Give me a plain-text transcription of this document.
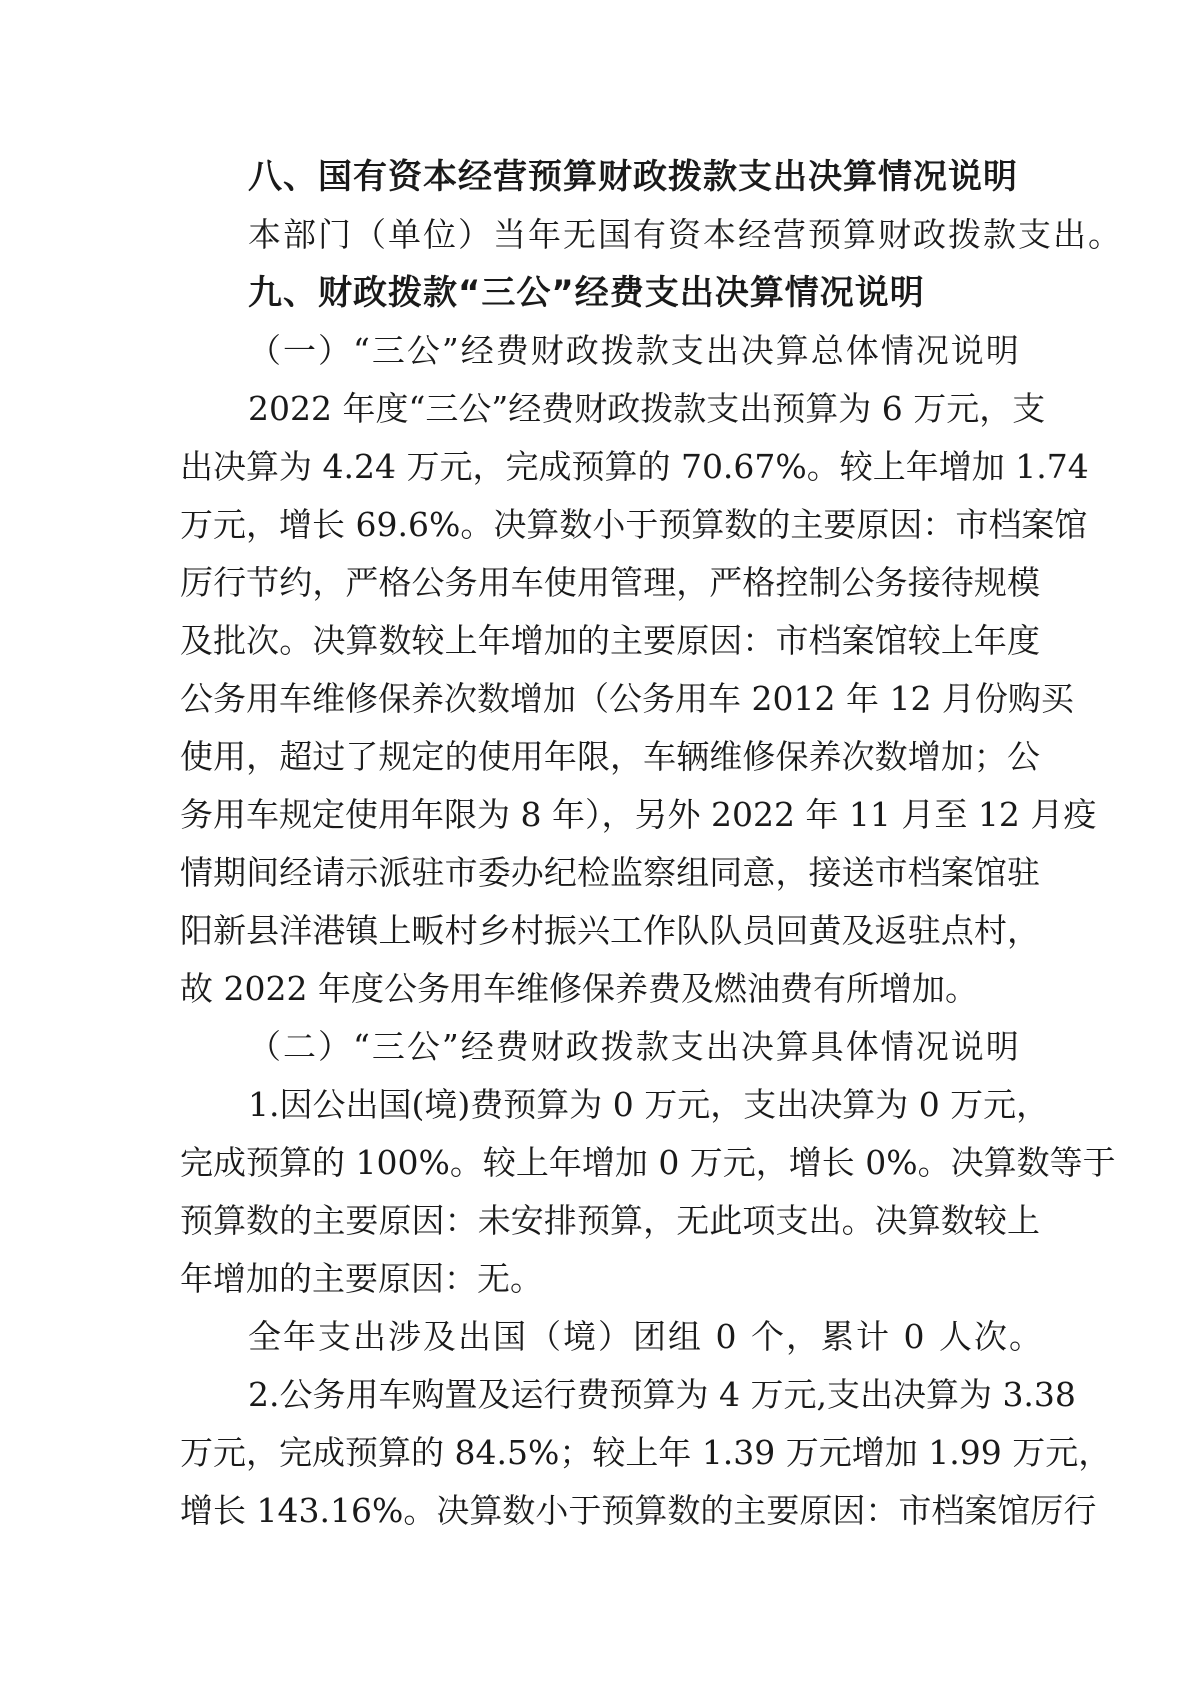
八、国有资本经营预算财政拨款支出决算情况说明

本部门（单位）当年无国有资本经营预算财政拨款支出。

九、财政拨款“三公”经费支出决算情况说明

（一）“三公”经费财政拨款支出决算总体情况说明

2022 年度“三公”经费财政拨款支出预算为 6 万元，支
出决算为 4.24 万元，完成预算的 70.67%。较上年增加 1.74
万元，增长 69.6%。决算数小于预算数的主要原因：市档案馆
厉行节约，严格公务用车使用管理，严格控制公务接待规模
及批次。决算数较上年增加的主要原因：市档案馆较上年度
公务用车维修保养次数增加（公务用车 2012 年 12 月份购买
使用，超过了规定的使用年限，车辆维修保养次数增加；公
务用车规定使用年限为 8 年），另外 2022 年 11 月至 12 月疫
情期间经请示派驻市委办纪检监察组同意，接送市档案馆驻
阳新县洋港镇上畈村乡村振兴工作队队员回黄及返驻点村，
故 2022 年度公务用车维修保养费及燃油费有所增加。

（二）“三公”经费财政拨款支出决算具体情况说明

1.因公出国(境)费预算为 0 万元，支出决算为 0 万元，
完成预算的 100%。较上年增加 0 万元，增长 0%。决算数等于
预算数的主要原因：未安排预算，无此项支出。决算数较上
年增加的主要原因：无。

全年支出涉及出国（境）团组 0 个，累计 0 人次。

2.公务用车购置及运行费预算为 4 万元,支出决算为 3.38
万元，完成预算的 84.5%；较上年 1.39 万元增加 1.99 万元，
增长 143.16%。决算数小于预算数的主要原因：市档案馆厉行
